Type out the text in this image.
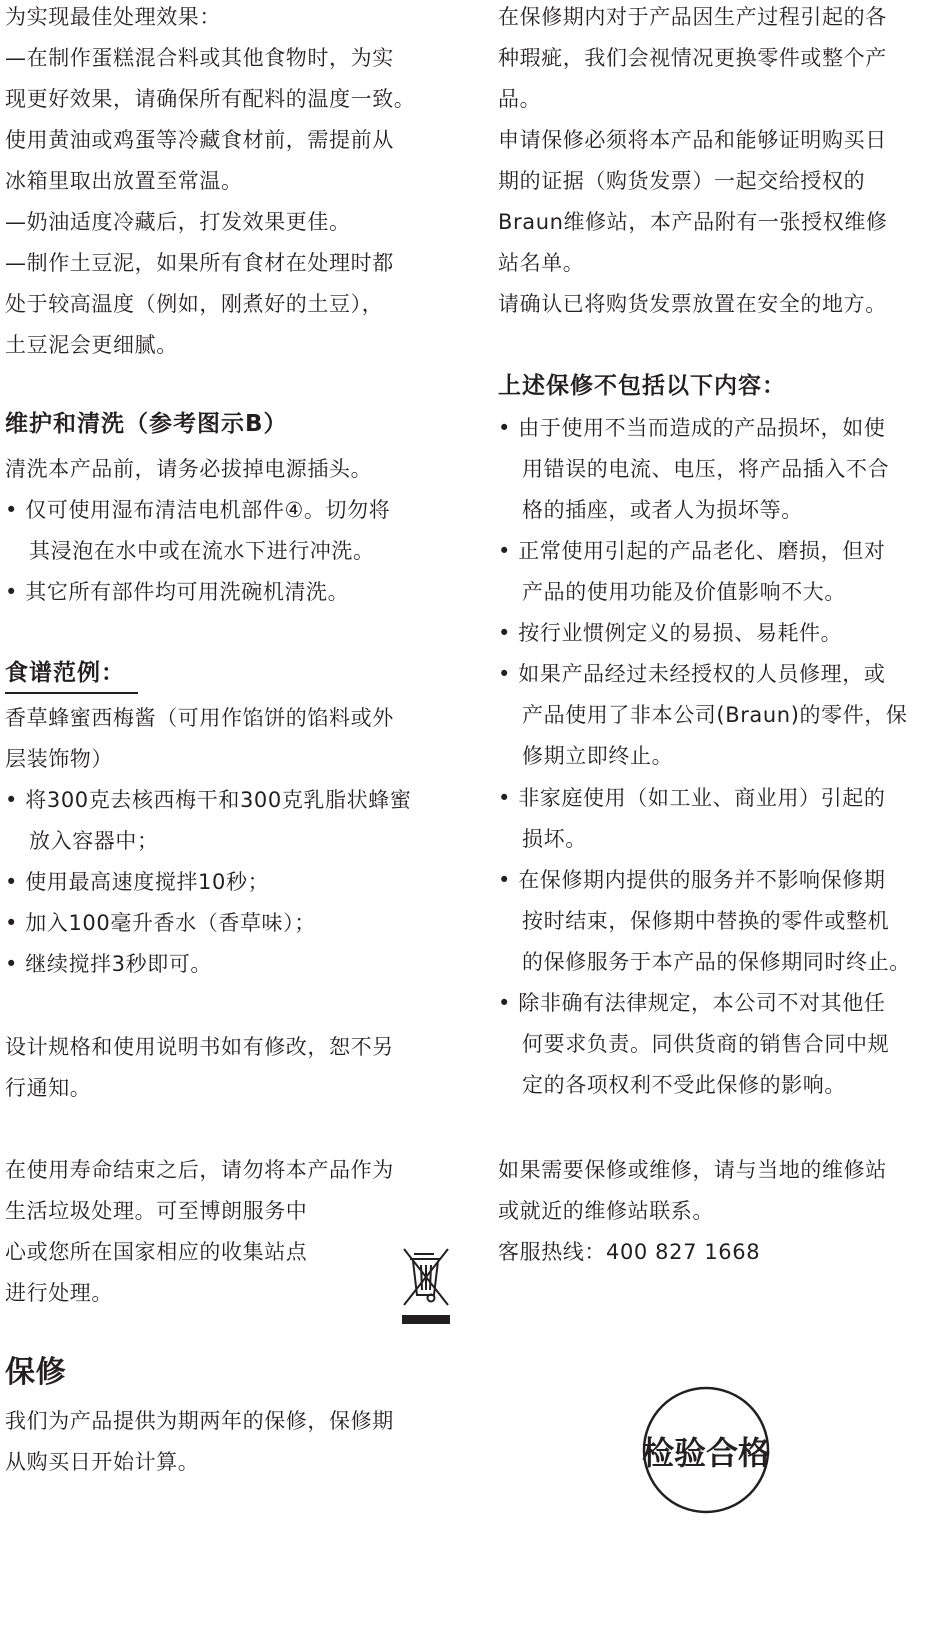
为实现最佳处理效果：
—在制作蛋糕混合料或其他食物时，为实
现更好效果，请确保所有配料的温度一致。
使用黄油或鸡蛋等冷藏食材前，需提前从
冰箱里取出放置至常温。
—奶油适度冷藏后，打发效果更佳。
—制作土豆泥，如果所有食材在处理时都
处于较高温度（例如，刚煮好的土豆），
土豆泥会更细腻。
维护和清洗（参考图示B）
清洗本产品前，请务必拔掉电源插头。
• 仅可使用湿布清洁电机部件④。切勿将
其浸泡在水中或在流水下进行冲洗。
• 其它所有部件均可用洗碗机清洗。
食谱范例：
香草蜂蜜西梅酱（可用作馅饼的馅料或外
层装饰物）
• 将300克去核西梅干和300克乳脂状蜂蜜
放入容器中；
• 使用最高速度搅拌10秒；
• 加入100毫升香水（香草味）；
• 继续搅拌3秒即可。
设计规格和使用说明书如有修改，恕不另
行通知。
在使用寿命结束之后，请勿将本产品作为
生活垃圾处理。可至博朗服务中
心或您所在国家相应的收集站点
进行处理。
保修
我们为产品提供为期两年的保修，保修期
从购买日开始计算。
在保修期内对于产品因生产过程引起的各
种瑕疵，我们会视情况更换零件或整个产
品。
申请保修必须将本产品和能够证明购买日
期的证据（购货发票）一起交给授权的
Braun维修站，本产品附有一张授权维修
站名单。
请确认已将购货发票放置在安全的地方。
上述保修不包括以下内容：
• 由于使用不当而造成的产品损坏，如使
用错误的电流、电压，将产品插入不合
格的插座，或者人为损坏等。
• 正常使用引起的产品老化、磨损，但对
产品的使用功能及价值影响不大。
• 按行业惯例定义的易损、易耗件。
• 如果产品经过未经授权的人员修理，或
产品使用了非本公司(Braun)的零件，保
修期立即终止。
• 非家庭使用（如工业、商业用）引起的
损坏。
• 在保修期内提供的服务并不影响保修期
按时结束，保修期中替换的零件或整机
的保修服务于本产品的保修期同时终止。
• 除非确有法律规定，本公司不对其他任
何要求负责。同供货商的销售合同中规
定的各项权利不受此保修的影响。
如果需要保修或维修，请与当地的维修站
或就近的维修站联系。
客服热线：400 827 1668
检验合格
